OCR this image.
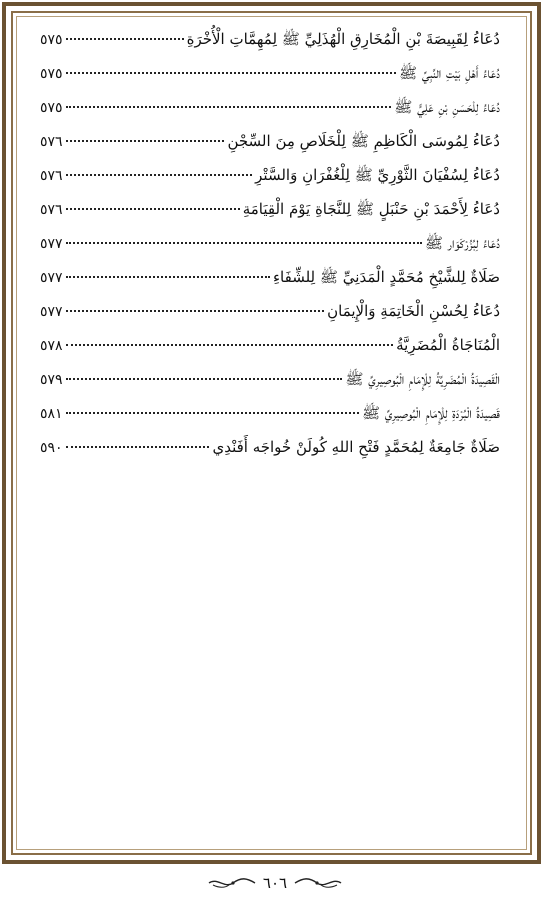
دُعَاءُ لِقَبِيصَةَ بْنِ الْمُخَارِقِ الْهُذَلِيِّ ﷺ لِمُهِمَّاتِ الْأُخْرَةِ
٥٧٥
دُعَاءُ أَهْلِ بَيْتِ النَّبِيِّ ﷺ
٥٧٥
دُعَاءُ لِلْحَسَنِ بْنِ عَلِيٍّ ﷺ
٥٧٥
دُعَاءُ لِمُوسَى الْكَاظِمِ ﷺ لِلْخَلَاصِ مِنَ السِّجْنِ
٥٧٦
دُعَاءُ لِسُفْيَانَ الثَّوْرِيِّ ﷺ لِلْغُفْرَانِ وَالسَّتْرِ
٥٧٦
دُعَاءُ لِأَحْمَدَ بْنِ حَنْبَلٍ ﷺ لِلنَّجَاةِ يَوْمَ الْقِيَامَةِ
٥٧٦
دُعَاءُ لِبُزُرْكَوَار ﷺ
٥٧٧
صَلَاةٌ لِلشَّيْخِ مُحَمَّدٍ الْمَدَنِيِّ ﷺ لِلشِّفَاءِ
٥٧٧
دُعَاءُ لِحُسْنِ الْخَاتِمَةِ وَالْإِيمَانِ
٥٧٧
الْمُنَاجَاةُ الْمُضَرِيَّةُ
٥٧٨
الْقَصِيدَةُ الْمُضَرِيَّةُ لِلْإِمَامِ الْبُوصِيرِيِّ ﷺ
٥٧٩
قَصِيدَةُ الْبُرْدَةِ لِلْإِمَامِ الْبُوصِيرِيِّ ﷺ
٥٨١
صَلَاةٌ جَامِعَةٌ لِمُحَمَّدٍ فَتْحِ اللهِ كُولَنْ خُواجَه أَفَنْدِي
٥٩٠
٦٠٦
